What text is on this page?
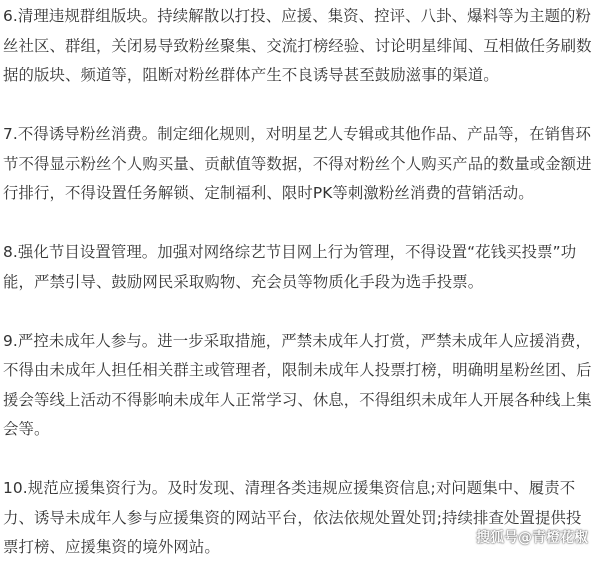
6.清理违规群组版块。持续解散以打投、应援、集资、控评、八卦、爆料等为主题的粉丝社区、群组，关闭易导致粉丝聚集、交流打榜经验、讨论明星绯闻、互相做任务刷数据的版块、频道等，阻断对粉丝群体产生不良诱导甚至鼓励滋事的渠道。

7.不得诱导粉丝消费。制定细化规则，对明星艺人专辑或其他作品、产品等，在销售环节不得显示粉丝个人购买量、贡献值等数据，不得对粉丝个人购买产品的数量或金额进行排行，不得设置任务解锁、定制福利、限时PK等刺激粉丝消费的营销活动。

8.强化节目设置管理。加强对网络综艺节目网上行为管理，不得设置“花钱买投票”功能，严禁引导、鼓励网民采取购物、充会员等物质化手段为选手投票。

9.严控未成年人参与。进一步采取措施，严禁未成年人打赏，严禁未成年人应援消费，不得由未成年人担任相关群主或管理者，限制未成年人投票打榜，明确明星粉丝团、后援会等线上活动不得影响未成年人正常学习、休息，不得组织未成年人开展各种线上集会等。

10.规范应援集资行为。及时发现、清理各类违规应援集资信息;对问题集中、履责不力、诱导未成年人参与应援集资的网站平台，依法依规处置处罚;持续排查处置提供投票打榜、应援集资的境外网站。	搜狐号@青橙花椒
